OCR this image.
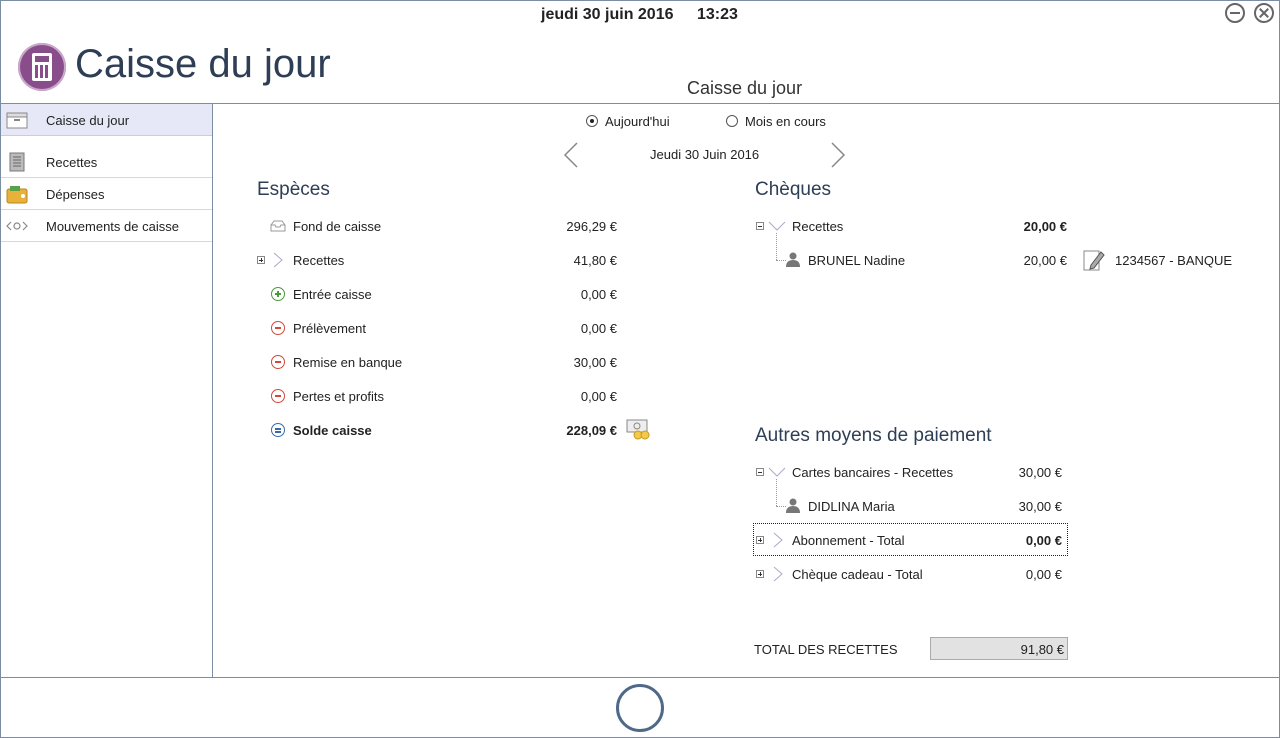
jeudi 30 juin 2016 13:23
Caisse du jour
Caisse du jour
Caisse du jour
Recettes
Dépenses
Mouvements de caisse
Aujourd'hui	Mois en cours
Jeudi 30 Juin 2016
Espèces
Fond de caisse	296,29 €
Recettes	41,80 €
Entrée caisse	0,00 €
Prélèvement	0,00 €
Remise en banque	30,00 €
Pertes et profits	0,00 €
Solde caisse	228,09 €
Chèques
Recettes	20,00 €
BRUNEL Nadine	20,00 €	1234567 - BANQUE
Autres moyens de paiement
Cartes bancaires - Recettes	30,00 €
DIDLINA Maria	30,00 €
Abonnement - Total	0,00 €
Chèque cadeau - Total	0,00 €
TOTAL DES RECETTES	91,80 €
